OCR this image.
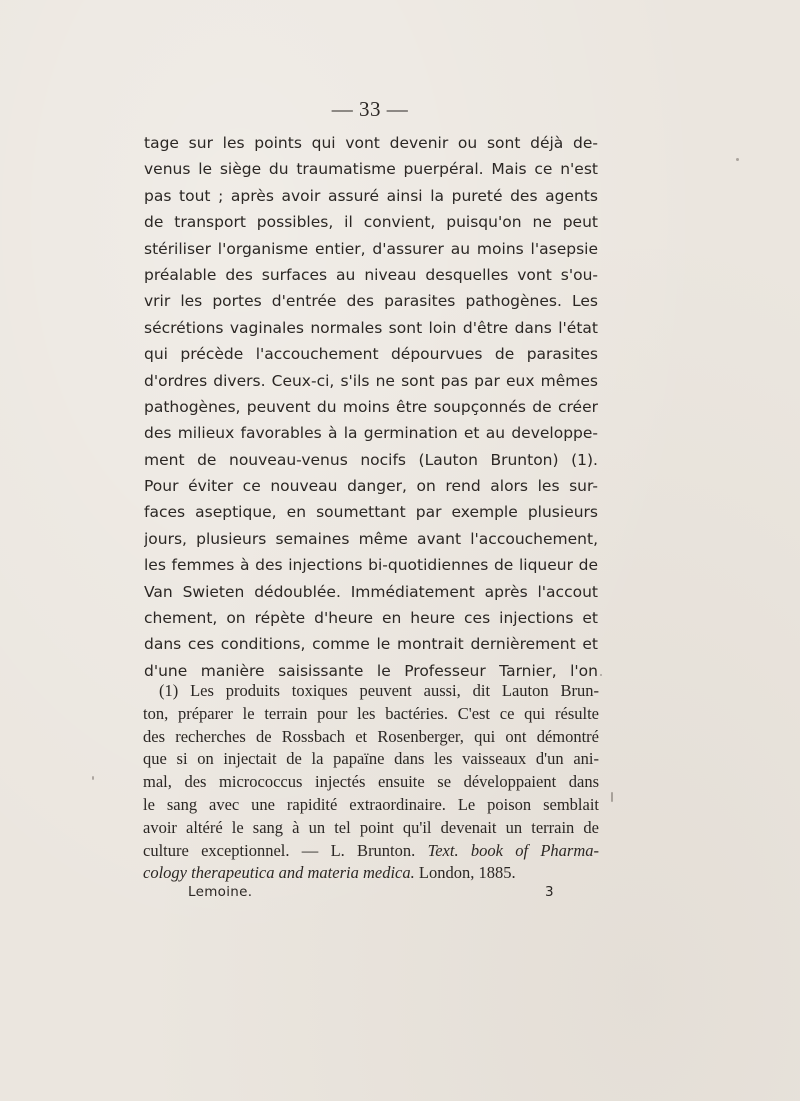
— 33 —
tage sur les points qui vont devenir ou sont déjà de-
venus le siège du traumatisme puerpéral. Mais ce n'est
pas tout ; après avoir assuré ainsi la pureté des agents
de transport possibles, il convient, puisqu'on ne peut
stériliser l'organisme entier, d'assurer au moins l'asepsie
préalable des surfaces au niveau desquelles vont s'ou-
vrir les portes d'entrée des parasites pathogènes. Les
sécrétions vaginales normales sont loin d'être dans l'état
qui précède l'accouchement dépourvues de parasites
d'ordres divers. Ceux-ci, s'ils ne sont pas par eux mêmes
pathogènes, peuvent du moins être soupçonnés de créer
des milieux favorables à la germination et au developpe-
ment de nouveau-venus nocifs (Lauton Brunton) (1).
Pour éviter ce nouveau danger, on rend alors les sur-
faces aseptique, en soumettant par exemple plusieurs
jours, plusieurs semaines même avant l'accouchement,
les femmes à des injections bi-quotidiennes de liqueur de
Van Swieten dédoublée. Immédiatement après l'accout
chement, on répète d'heure en heure ces injections et
dans ces conditions, comme le montrait dernièrement et
d'une manière saisissante le Professeur Tarnier, l'on
(1) Les produits toxiques peuvent aussi, dit Lauton Brun-
ton, préparer le terrain pour les bactéries. C'est ce qui résulte
des recherches de Rossbach et Rosenberger, qui ont démontré
que si on injectait de la papaïne dans les vaisseaux d'un ani-
mal, des micrococcus injectés ensuite se développaient dans
le sang avec une rapidité extraordinaire. Le poison semblait
avoir altéré le sang à un tel point qu'il devenait un terrain de
culture exceptionnel. — L. Brunton. Text. book of Pharma-
cology therapeutica and materia medica. London, 1885.
Lemoine.	3
